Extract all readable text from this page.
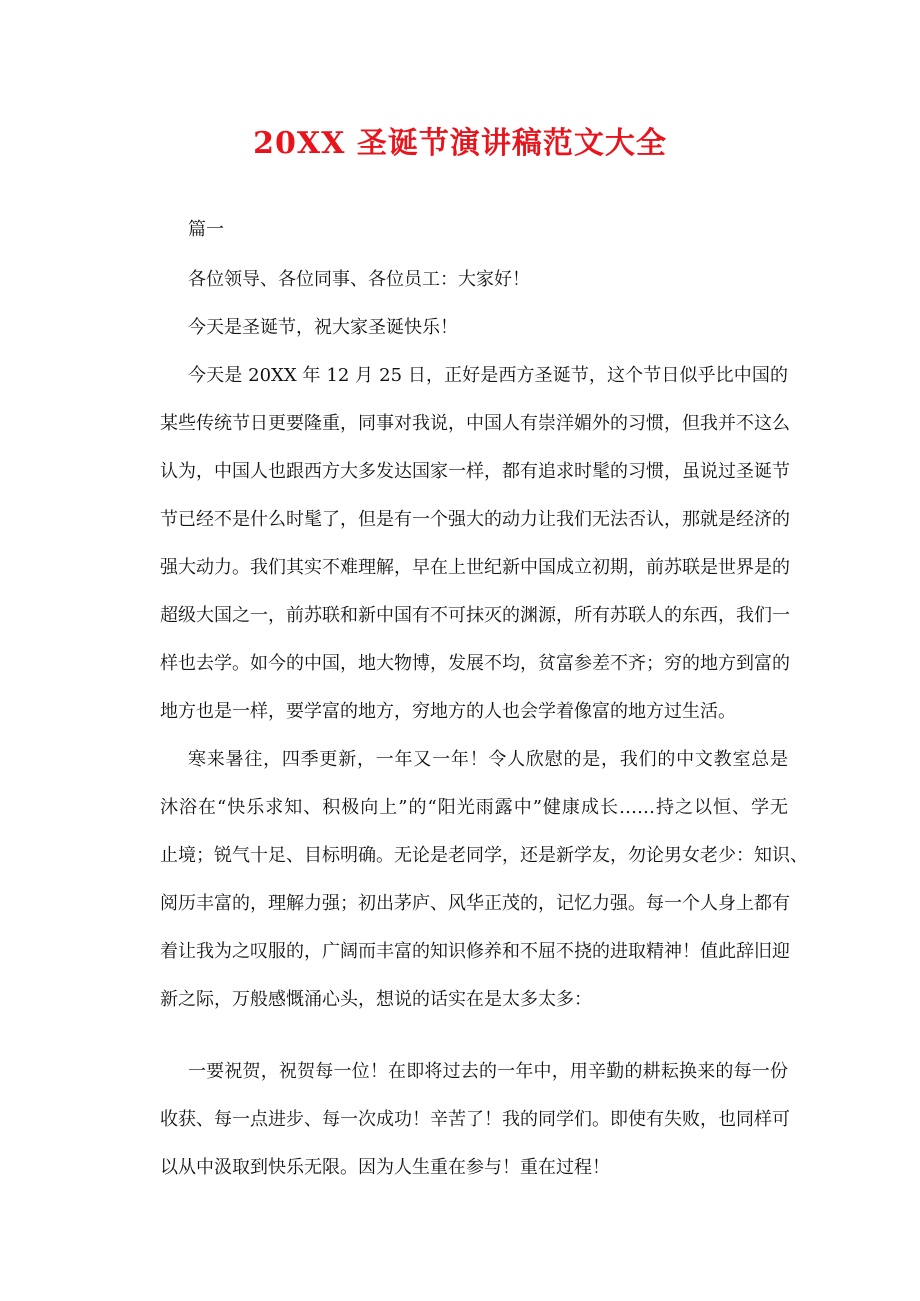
20XX 圣诞节演讲稿范文大全
篇一
各位领导、各位同事、各位员工：大家好！
今天是圣诞节，祝大家圣诞快乐！
今天是 20XX 年 12 月 25 日，正好是西方圣诞节，这个节日似乎比中国的
某些传统节日更要隆重，同事对我说，中国人有崇洋媚外的习惯，但我并不这么
认为，中国人也跟西方大多发达国家一样，都有追求时髦的习惯，虽说过圣诞节
节已经不是什么时髦了，但是有一个强大的动力让我们无法否认，那就是经济的
强大动力。我们其实不难理解，早在上世纪新中国成立初期，前苏联是世界是的
超级大国之一，前苏联和新中国有不可抹灭的渊源，所有苏联人的东西，我们一
样也去学。如今的中国，地大物博，发展不均，贫富参差不齐；穷的地方到富的
地方也是一样，要学富的地方，穷地方的人也会学着像富的地方过生活。
寒来暑往，四季更新，一年又一年！令人欣慰的是，我们的中文教室总是
沐浴在“快乐求知、积极向上”的“阳光雨露中”健康成长……持之以恒、学无
止境；锐气十足、目标明确。无论是老同学，还是新学友，勿论男女老少：知识、
阅历丰富的，理解力强；初出茅庐、风华正茂的，记忆力强。每一个人身上都有
着让我为之叹服的，广阔而丰富的知识修养和不屈不挠的进取精神！值此辞旧迎
新之际，万般感慨涌心头，想说的话实在是太多太多：
一要祝贺，祝贺每一位！在即将过去的一年中，用辛勤的耕耘换来的每一份
收获、每一点进步、每一次成功！辛苦了！我的同学们。即使有失败，也同样可
以从中汲取到快乐无限。因为人生重在参与！重在过程！
